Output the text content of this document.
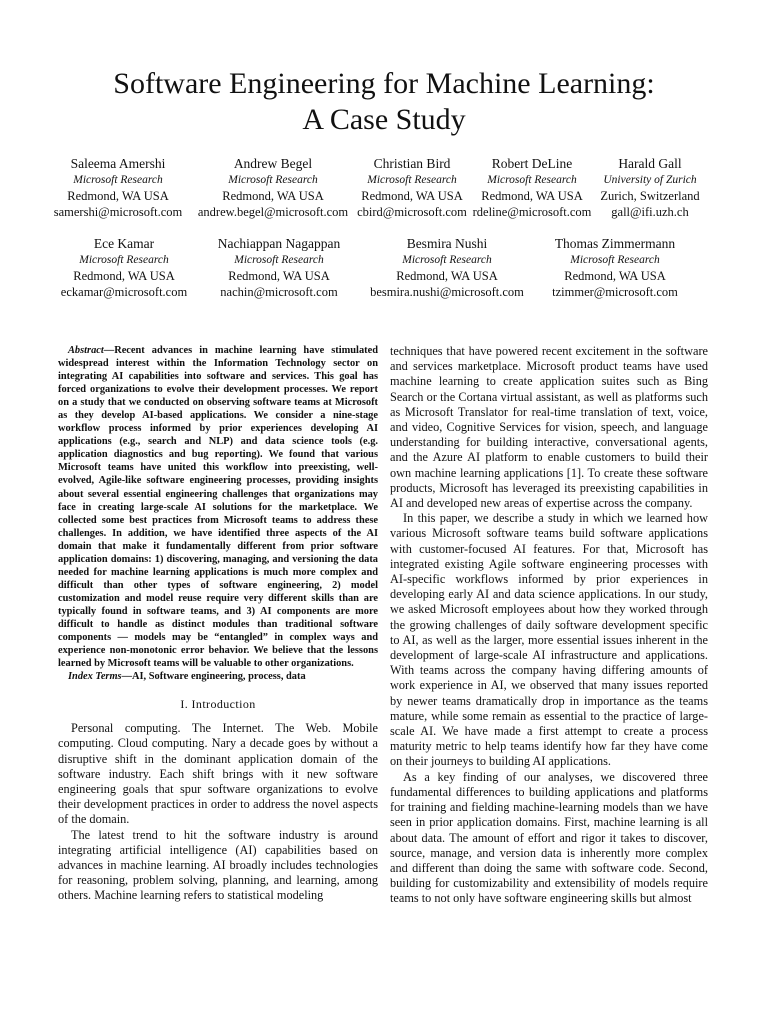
Software Engineering for Machine Learning:
A Case Study
Saleema Amershi
Microsoft Research
Redmond, WA USA
samershi@microsoft.com
Andrew Begel
Microsoft Research
Redmond, WA USA
andrew.begel@microsoft.com
Christian Bird
Microsoft Research
Redmond, WA USA
cbird@microsoft.com
Robert DeLine
Microsoft Research
Redmond, WA USA
rdeline@microsoft.com
Harald Gall
University of Zurich
Zurich, Switzerland
gall@ifi.uzh.ch
Ece Kamar
Microsoft Research
Redmond, WA USA
eckamar@microsoft.com
Nachiappan Nagappan
Microsoft Research
Redmond, WA USA
nachin@microsoft.com
Besmira Nushi
Microsoft Research
Redmond, WA USA
besmira.nushi@microsoft.com
Thomas Zimmermann
Microsoft Research
Redmond, WA USA
tzimmer@microsoft.com

Abstract—Recent advances in machine learning have stimulated widespread interest within the Information Technology sector on integrating AI capabilities into software and services. This goal has forced organizations to evolve their development processes. We report on a study that we conducted on observing software teams at Microsoft as they develop AI-based applications. We consider a nine-stage workflow process informed by prior experiences developing AI applications (e.g., search and NLP) and data science tools (e.g. application diagnostics and bug reporting). We found that various Microsoft teams have united this workflow into preexisting, well-evolved, Agile-like software engineering processes, providing insights about several essential engineering challenges that organizations may face in creating large-scale AI solutions for the marketplace. We collected some best practices from Microsoft teams to address these challenges. In addition, we have identified three aspects of the AI domain that make it fundamentally different from prior software application domains: 1) discovering, managing, and versioning the data needed for machine learning applications is much more complex and difficult than other types of software engineering, 2) model customization and model reuse require very different skills than are typically found in software teams, and 3) AI components are more difficult to handle as distinct modules than traditional software components — models may be “entangled” in complex ways and experience non-monotonic error behavior. We believe that the lessons learned by Microsoft teams will be valuable to other organizations.

Index Terms—AI, Software engineering, process, data

I. Introduction

Personal computing. The Internet. The Web. Mobile computing. Cloud computing. Nary a decade goes by without a disruptive shift in the dominant application domain of the software industry. Each shift brings with it new software engineering goals that spur software organizations to evolve their development practices in order to address the novel aspects of the domain.

The latest trend to hit the software industry is around integrating artificial intelligence (AI) capabilities based on advances in machine learning. AI broadly includes technologies for reasoning, problem solving, planning, and learning, among others. Machine learning refers to statistical modeling

techniques that have powered recent excitement in the software and services marketplace. Microsoft product teams have used machine learning to create application suites such as Bing Search or the Cortana virtual assistant, as well as platforms such as Microsoft Translator for real-time translation of text, voice, and video, Cognitive Services for vision, speech, and language understanding for building interactive, conversational agents, and the Azure AI platform to enable customers to build their own machine learning applications [1]. To create these software products, Microsoft has leveraged its preexisting capabilities in AI and developed new areas of expertise across the company.

In this paper, we describe a study in which we learned how various Microsoft software teams build software applications with customer-focused AI features. For that, Microsoft has integrated existing Agile software engineering processes with AI-specific workflows informed by prior experiences in developing early AI and data science applications. In our study, we asked Microsoft employees about how they worked through the growing challenges of daily software development specific to AI, as well as the larger, more essential issues inherent in the development of large-scale AI infrastructure and applications. With teams across the company having differing amounts of work experience in AI, we observed that many issues reported by newer teams dramatically drop in importance as the teams mature, while some remain as essential to the practice of large-scale AI. We have made a first attempt to create a process maturity metric to help teams identify how far they have come on their journeys to building AI applications.

As a key finding of our analyses, we discovered three fundamental differences to building applications and platforms for training and fielding machine-learning models than we have seen in prior application domains. First, machine learning is all about data. The amount of effort and rigor it takes to discover, source, manage, and version data is inherently more complex and different than doing the same with software code. Second, building for customizability and extensibility of models require teams to not only have software engineering skills but almost
